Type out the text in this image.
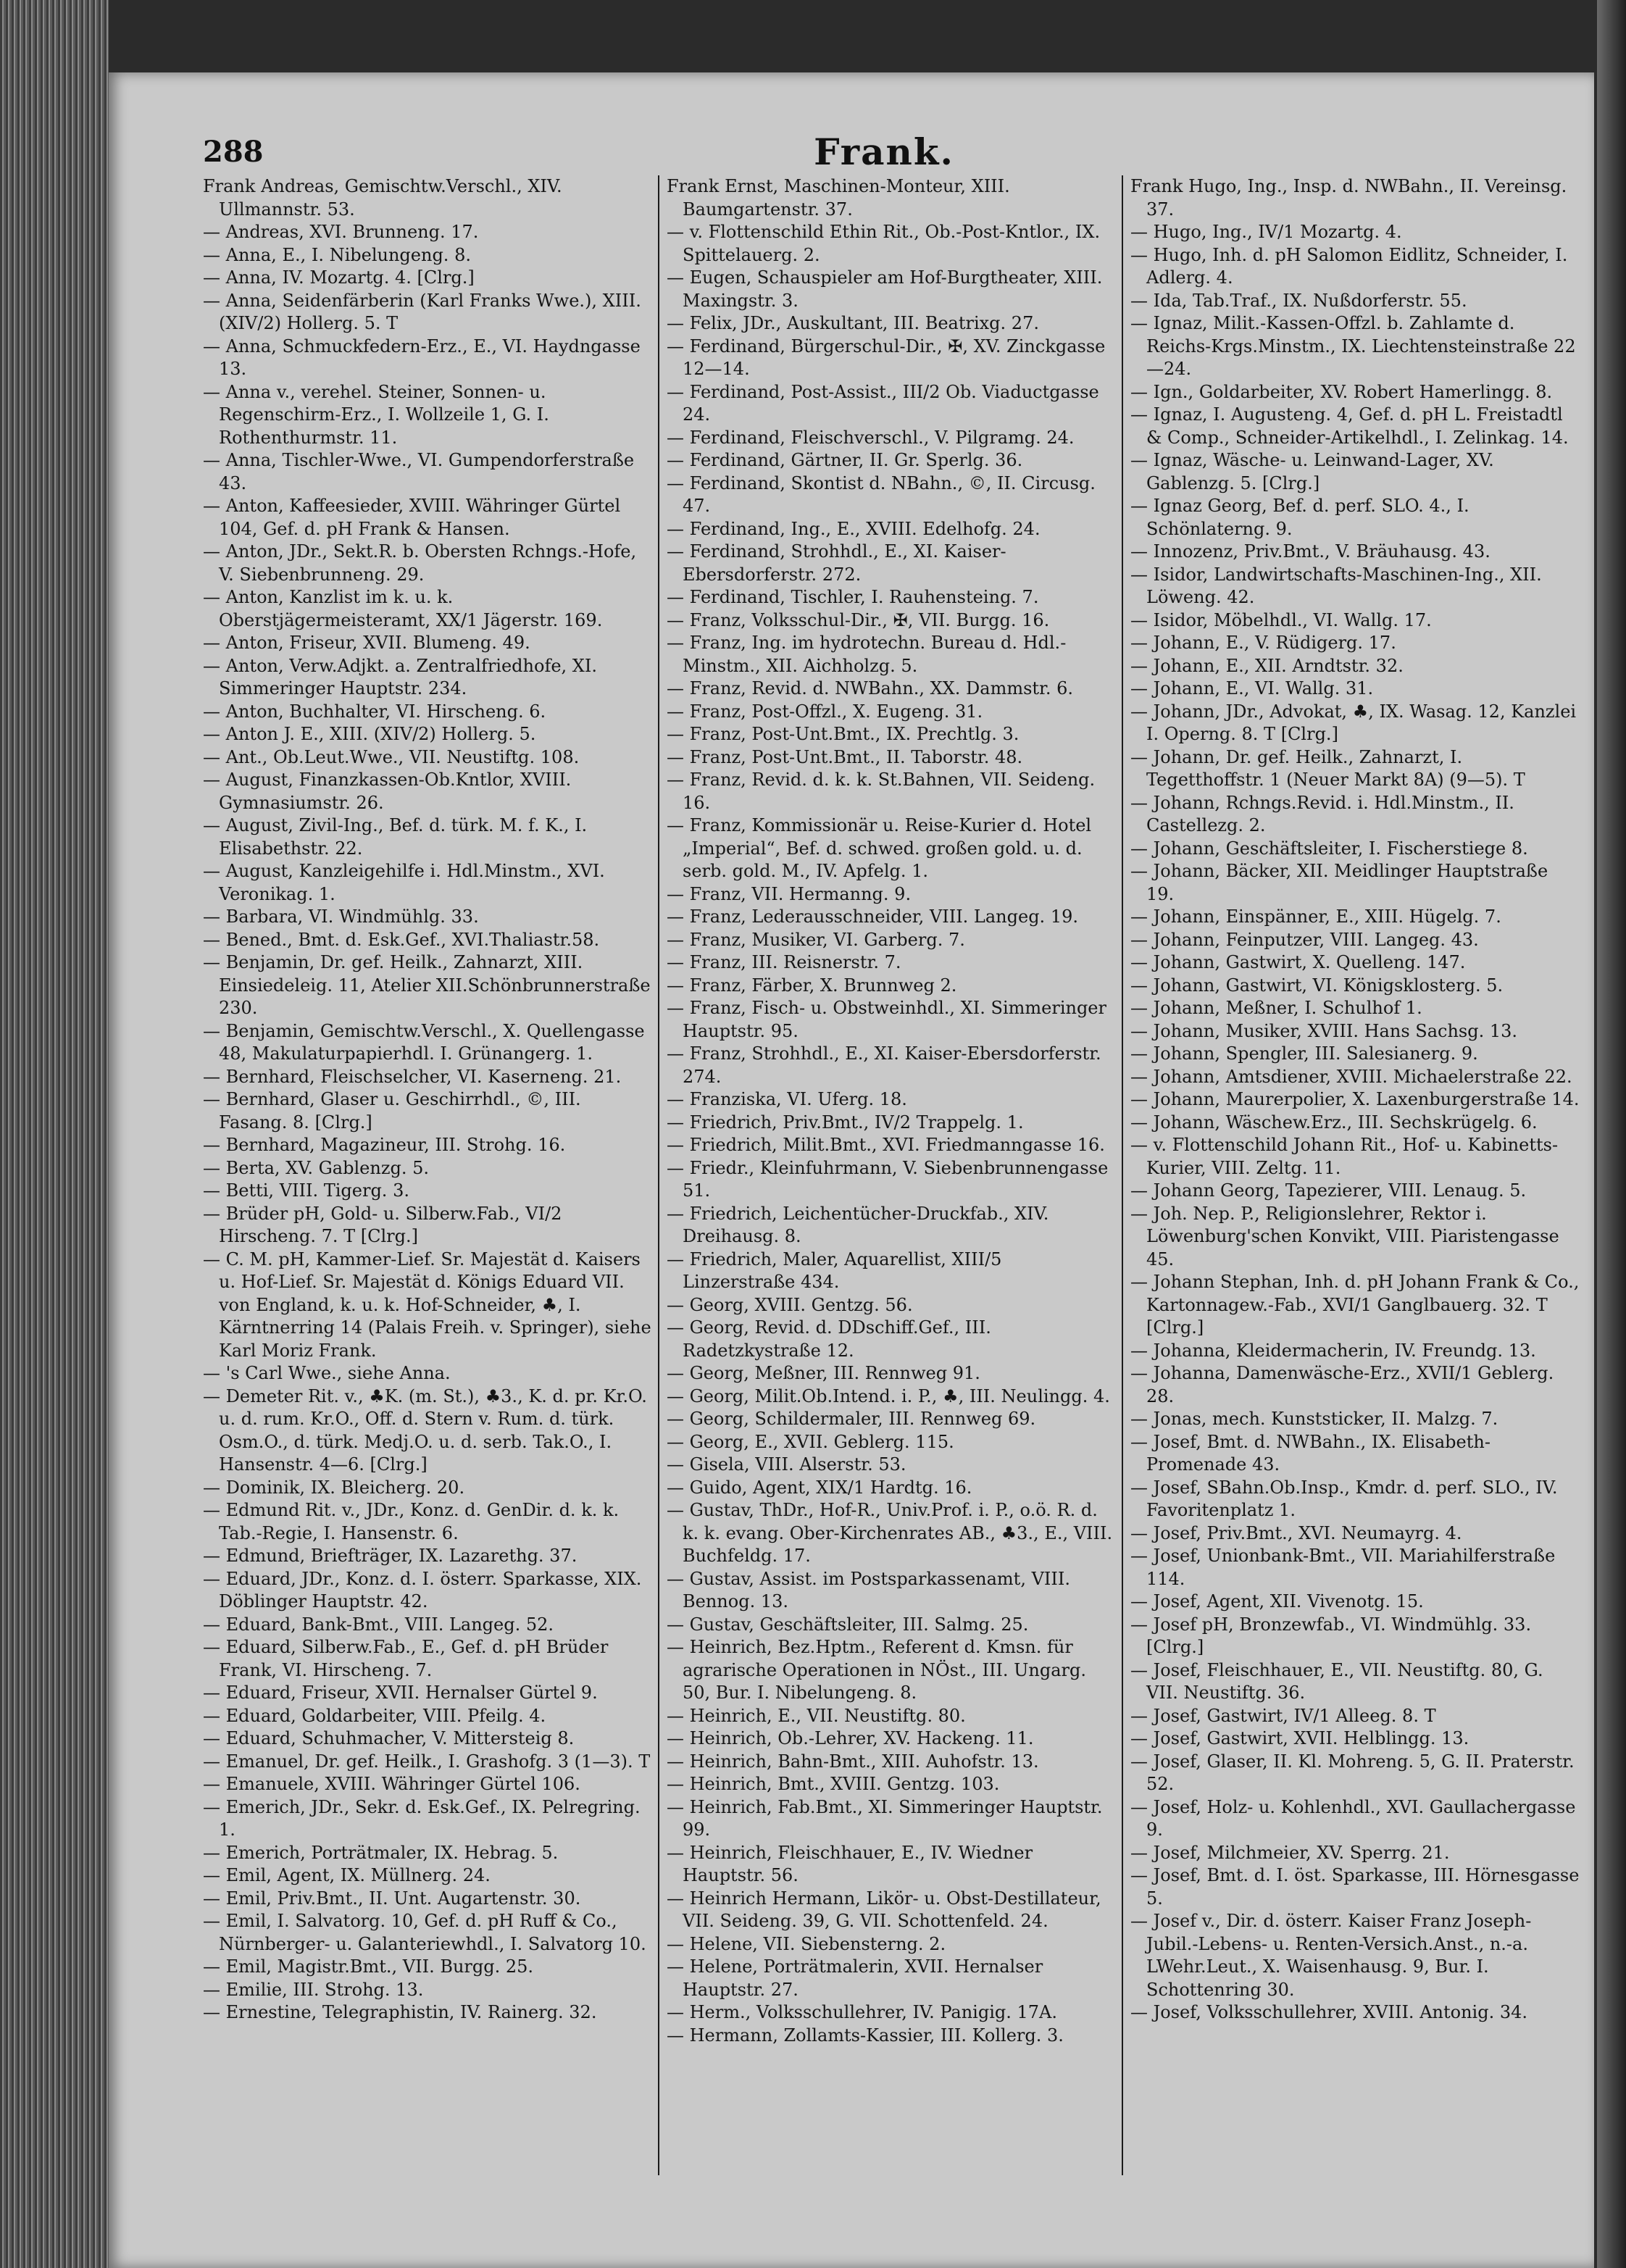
288	Frank.

Frank Andreas, Gemischtw.Verschl., XIV. Ullmannstr. 53.

— Andreas, XVI. Brunneng. 17.

— Anna, E., I. Nibelungeng. 8.

— Anna, IV. Mozartg. 4. [Clrg.]

— Anna, Seidenfärberin (Karl Franks Wwe.), XIII. (XIV/2) Hollerg. 5. T

— Anna, Schmuckfedern-Erz., E., VI. Haydngasse 13.

— Anna v., verehel. Steiner, Sonnen- u. Regenschirm-Erz., I. Wollzeile 1, G. I. Rothenthurmstr. 11.

— Anna, Tischler-Wwe., VI. Gumpendorferstraße 43.

— Anton, Kaffeesieder, XVIII. Währinger Gürtel 104, Gef. d. pH Frank & Hansen.

— Anton, JDr., Sekt.R. b. Obersten Rchngs.-Hofe, V. Siebenbrunneng. 29.

— Anton, Kanzlist im k. u. k. Oberstjägermeisteramt, XX/1 Jägerstr. 169.

— Anton, Friseur, XVII. Blumeng. 49.

— Anton, Verw.Adjkt. a. Zentralfriedhofe, XI. Simmeringer Hauptstr. 234.

— Anton, Buchhalter, VI. Hirscheng. 6.

— Anton J. E., XIII. (XIV/2) Hollerg. 5.

— Ant., Ob.Leut.Wwe., VII. Neustiftg. 108.

— August, Finanzkassen-Ob.Kntlor, XVIII. Gymnasiumstr. 26.

— August, Zivil-Ing., Bef. d. türk. M. f. K., I. Elisabethstr. 22.

— August, Kanzleigehilfe i. Hdl.Minstm., XVI. Veronikag. 1.

— Barbara, VI. Windmühlg. 33.

— Bened., Bmt. d. Esk.Gef., XVI.Thaliastr.58.

— Benjamin, Dr. gef. Heilk., Zahnarzt, XIII. Einsiedeleig. 11, Atelier XII.Schönbrunnerstraße 230.

— Benjamin, Gemischtw.Verschl., X. Quellengasse 48, Makulaturpapierhdl. I. Grünangerg. 1.

— Bernhard, Fleischselcher, VI. Kaserneng. 21.

— Bernhard, Glaser u. Geschirrhdl., ©, III. Fasang. 8. [Clrg.]

— Bernhard, Magazineur, III. Strohg. 16.

— Berta, XV. Gablenzg. 5.

— Betti, VIII. Tigerg. 3.

— Brüder pH, Gold- u. Silberw.Fab., VI/2 Hirscheng. 7. T [Clrg.]

— C. M. pH, Kammer-Lief. Sr. Majestät d. Kaisers u. Hof-Lief. Sr. Majestät d. Königs Eduard VII. von England, k. u. k. Hof-Schneider, ♣, I. Kärntnerring 14 (Palais Freih. v. Springer), siehe Karl Moriz Frank.

— 's Carl Wwe., siehe Anna.

— Demeter Rit. v., ♣K. (m. St.), ♣3., K. d. pr. Kr.O. u. d. rum. Kr.O., Off. d. Stern v. Rum. d. türk. Osm.O., d. türk. Medj.O. u. d. serb. Tak.O., I. Hansenstr. 4—6. [Clrg.]

— Dominik, IX. Bleicherg. 20.

— Edmund Rit. v., JDr., Konz. d. GenDir. d. k. k. Tab.-Regie, I. Hansenstr. 6.

— Edmund, Briefträger, IX. Lazarethg. 37.

— Eduard, JDr., Konz. d. I. österr. Sparkasse, XIX. Döblinger Hauptstr. 42.

— Eduard, Bank-Bmt., VIII. Langeg. 52.

— Eduard, Silberw.Fab., E., Gef. d. pH Brüder Frank, VI. Hirscheng. 7.

— Eduard, Friseur, XVII. Hernalser Gürtel 9.

— Eduard, Goldarbeiter, VIII. Pfeilg. 4.

— Eduard, Schuhmacher, V. Mittersteig 8.

— Emanuel, Dr. gef. Heilk., I. Grashofg. 3 (1—3). T

— Emanuele, XVIII. Währinger Gürtel 106.

— Emerich, JDr., Sekr. d. Esk.Gef., IX. Pelregring. 1.

— Emerich, Porträtmaler, IX. Hebrag. 5.

— Emil, Agent, IX. Müllnerg. 24.

— Emil, Priv.Bmt., II. Unt. Augartenstr. 30.

— Emil, I. Salvatorg. 10, Gef. d. pH Ruff & Co., Nürnberger- u. Galanteriewhdl., I. Salvatorg 10.

— Emil, Magistr.Bmt., VII. Burgg. 25.

— Emilie, III. Strohg. 13.

— Ernestine, Telegraphistin, IV. Rainerg. 32.

Frank Ernst, Maschinen-Monteur, XIII. Baumgartenstr. 37.

— v. Flottenschild Ethin Rit., Ob.-Post-Kntlor., IX. Spittelauerg. 2.

— Eugen, Schauspieler am Hof-Burgtheater, XIII. Maxingstr. 3.

— Felix, JDr., Auskultant, III. Beatrixg. 27.

— Ferdinand, Bürgerschul-Dir., ✠, XV. Zinckgasse 12—14.

— Ferdinand, Post-Assist., III/2 Ob. Viaductgasse 24.

— Ferdinand, Fleischverschl., V. Pilgramg. 24.

— Ferdinand, Gärtner, II. Gr. Sperlg. 36.

— Ferdinand, Skontist d. NBahn., ©, II. Circusg. 47.

— Ferdinand, Ing., E., XVIII. Edelhofg. 24.

— Ferdinand, Strohhdl., E., XI. Kaiser-Ebersdorferstr. 272.

— Ferdinand, Tischler, I. Rauhensteing. 7.

— Franz, Volksschul-Dir., ✠, VII. Burgg. 16.

— Franz, Ing. im hydrotechn. Bureau d. Hdl.-Minstm., XII. Aichholzg. 5.

— Franz, Revid. d. NWBahn., XX. Dammstr. 6.

— Franz, Post-Offzl., X. Eugeng. 31.

— Franz, Post-Unt.Bmt., IX. Prechtlg. 3.

— Franz, Post-Unt.Bmt., II. Taborstr. 48.

— Franz, Revid. d. k. k. St.Bahnen, VII. Seideng. 16.

— Franz, Kommissionär u. Reise-Kurier d. Hotel „Imperial“, Bef. d. schwed. großen gold. u. d. serb. gold. M., IV. Apfelg. 1.

— Franz, VII. Hermanng. 9.

— Franz, Lederausschneider, VIII. Langeg. 19.

— Franz, Musiker, VI. Garberg. 7.

— Franz, III. Reisnerstr. 7.

— Franz, Färber, X. Brunnweg 2.

— Franz, Fisch- u. Obstweinhdl., XI. Simmeringer Hauptstr. 95.

— Franz, Strohhdl., E., XI. Kaiser-Ebersdorferstr. 274.

— Franziska, VI. Uferg. 18.

— Friedrich, Priv.Bmt., IV/2 Trappelg. 1.

— Friedrich, Milit.Bmt., XVI. Friedmanngasse 16.

— Friedr., Kleinfuhrmann, V. Siebenbrunnengasse 51.

— Friedrich, Leichentücher-Druckfab., XIV. Dreihausg. 8.

— Friedrich, Maler, Aquarellist, XIII/5 Linzerstraße 434.

— Georg, XVIII. Gentzg. 56.

— Georg, Revid. d. DDschiff.Gef., III. Radetzkystraße 12.

— Georg, Meßner, III. Rennweg 91.

— Georg, Milit.Ob.Intend. i. P., ♣, III. Neulingg. 4.

— Georg, Schildermaler, III. Rennweg 69.

— Georg, E., XVII. Geblerg. 115.

— Gisela, VIII. Alserstr. 53.

— Guido, Agent, XIX/1 Hardtg. 16.

— Gustav, ThDr., Hof-R., Univ.Prof. i. P., o.ö. R. d. k. k. evang. Ober-Kirchenrates AB., ♣3., E., VIII. Buchfeldg. 17.

— Gustav, Assist. im Postsparkassenamt, VIII. Bennog. 13.

— Gustav, Geschäftsleiter, III. Salmg. 25.

— Heinrich, Bez.Hptm., Referent d. Kmsn. für agrarische Operationen in NÖst., III. Ungarg. 50, Bur. I. Nibelungeng. 8.

— Heinrich, E., VII. Neustiftg. 80.

— Heinrich, Ob.-Lehrer, XV. Hackeng. 11.

— Heinrich, Bahn-Bmt., XIII. Auhofstr. 13.

— Heinrich, Bmt., XVIII. Gentzg. 103.

— Heinrich, Fab.Bmt., XI. Simmeringer Hauptstr. 99.

— Heinrich, Fleischhauer, E., IV. Wiedner Hauptstr. 56.

— Heinrich Hermann, Likör- u. Obst-Destillateur, VII. Seideng. 39, G. VII. Schottenfeld. 24.

— Helene, VII. Siebensterng. 2.

— Helene, Porträtmalerin, XVII. Hernalser Hauptstr. 27.

— Herm., Volksschullehrer, IV. Panigig. 17A.

— Hermann, Zollamts-Kassier, III. Kollerg. 3.

Frank Hugo, Ing., Insp. d. NWBahn., II. Vereinsg. 37.

— Hugo, Ing., IV/1 Mozartg. 4.

— Hugo, Inh. d. pH Salomon Eidlitz, Schneider, I. Adlerg. 4.

— Ida, Tab.Traf., IX. Nußdorferstr. 55.

— Ignaz, Milit.-Kassen-Offzl. b. Zahlamte d. Reichs-Krgs.Minstm., IX. Liechtensteinstraße 22—24.

— Ign., Goldarbeiter, XV. Robert Hamerlingg. 8.

— Ignaz, I. Augusteng. 4, Gef. d. pH L. Freistadtl & Comp., Schneider-Artikelhdl., I. Zelinkag. 14.

— Ignaz, Wäsche- u. Leinwand-Lager, XV. Gablenzg. 5. [Clrg.]

— Ignaz Georg, Bef. d. perf. SLO. 4., I. Schönlaterng. 9.

— Innozenz, Priv.Bmt., V. Bräuhausg. 43.

— Isidor, Landwirtschafts-Maschinen-Ing., XII. Löweng. 42.

— Isidor, Möbelhdl., VI. Wallg. 17.

— Johann, E., V. Rüdigerg. 17.

— Johann, E., XII. Arndtstr. 32.

— Johann, E., VI. Wallg. 31.

— Johann, JDr., Advokat, ♣, IX. Wasag. 12, Kanzlei I. Operng. 8. T [Clrg.]

— Johann, Dr. gef. Heilk., Zahnarzt, I. Tegetthoffstr. 1 (Neuer Markt 8A) (9—5). T

— Johann, Rchngs.Revid. i. Hdl.Minstm., II. Castellezg. 2.

— Johann, Geschäftsleiter, I. Fischerstiege 8.

— Johann, Bäcker, XII. Meidlinger Hauptstraße 19.

— Johann, Einspänner, E., XIII. Hügelg. 7.

— Johann, Feinputzer, VIII. Langeg. 43.

— Johann, Gastwirt, X. Quelleng. 147.

— Johann, Gastwirt, VI. Königsklosterg. 5.

— Johann, Meßner, I. Schulhof 1.

— Johann, Musiker, XVIII. Hans Sachsg. 13.

— Johann, Spengler, III. Salesianerg. 9.

— Johann, Amtsdiener, XVIII. Michaelerstraße 22.

— Johann, Maurerpolier, X. Laxenburgerstraße 14.

— Johann, Wäschew.Erz., III. Sechskrügelg. 6.

— v. Flottenschild Johann Rit., Hof- u. Kabinetts-Kurier, VIII. Zeltg. 11.

— Johann Georg, Tapezierer, VIII. Lenaug. 5.

— Joh. Nep. P., Religionslehrer, Rektor i. Löwenburg'schen Konvikt, VIII. Piaristengasse 45.

— Johann Stephan, Inh. d. pH Johann Frank & Co., Kartonnagew.-Fab., XVI/1 Ganglbauerg. 32. T [Clrg.]

— Johanna, Kleidermacherin, IV. Freundg. 13.

— Johanna, Damenwäsche-Erz., XVII/1 Geblerg. 28.

— Jonas, mech. Kunststicker, II. Malzg. 7.

— Josef, Bmt. d. NWBahn., IX. Elisabeth-Promenade 43.

— Josef, SBahn.Ob.Insp., Kmdr. d. perf. SLO., IV. Favoritenplatz 1.

— Josef, Priv.Bmt., XVI. Neumayrg. 4.

— Josef, Unionbank-Bmt., VII. Mariahilferstraße 114.

— Josef, Agent, XII. Vivenotg. 15.

— Josef pH, Bronzewfab., VI. Windmühlg. 33. [Clrg.]

— Josef, Fleischhauer, E., VII. Neustiftg. 80, G. VII. Neustiftg. 36.

— Josef, Gastwirt, IV/1 Alleeg. 8. T

— Josef, Gastwirt, XVII. Helblingg. 13.

— Josef, Glaser, II. Kl. Mohreng. 5, G. II. Praterstr. 52.

— Josef, Holz- u. Kohlenhdl., XVI. Gaullachergasse 9.

— Josef, Milchmeier, XV. Sperrg. 21.

— Josef, Bmt. d. I. öst. Sparkasse, III. Hörnesgasse 5.

— Josef v., Dir. d. österr. Kaiser Franz Joseph-Jubil.-Lebens- u. Renten-Versich.Anst., n.-a. LWehr.Leut., X. Waisenhausg. 9, Bur. I. Schottenring 30.

— Josef, Volksschullehrer, XVIII. Antonig. 34.
